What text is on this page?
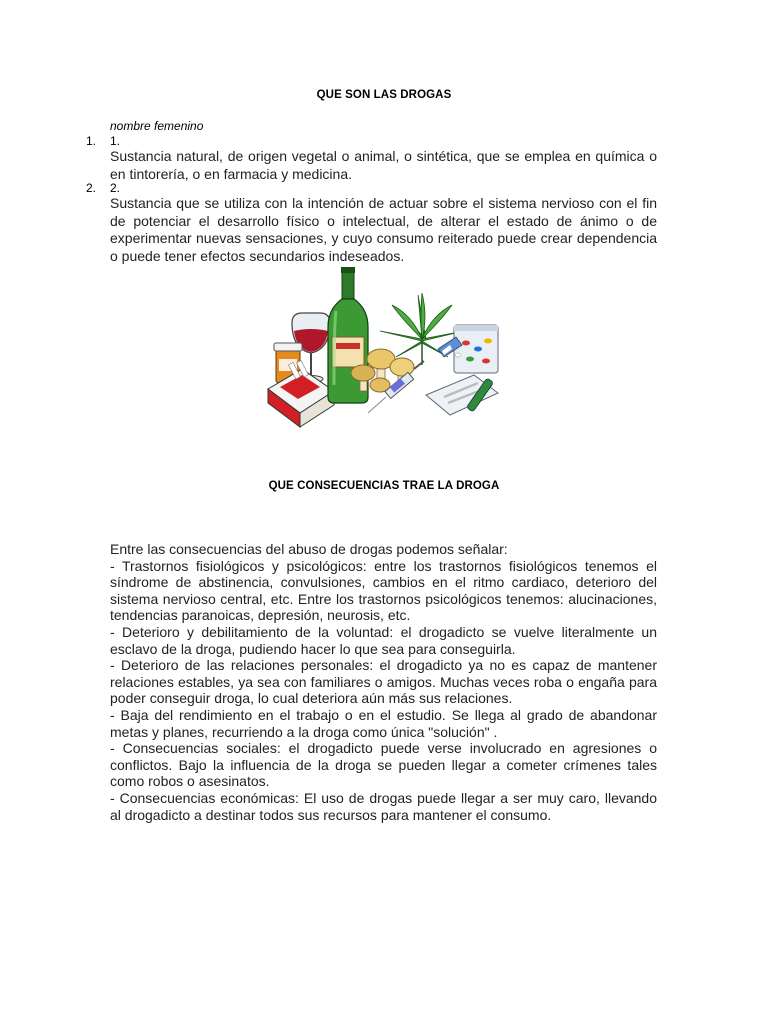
QUE SON LAS DROGAS
nombre femenino
1. 1.
Sustancia natural, de origen vegetal o animal, o sintética, que se emplea en química o en tintorería, o en farmacia y medicina.
2. 2.
Sustancia que se utiliza con la intención de actuar sobre el sistema nervioso con el fin de potenciar el desarrollo físico o intelectual, de alterar el estado de ánimo o de experimentar nuevas sensaciones, y cuyo consumo reiterado puede crear dependencia o puede tener efectos secundarios indeseados.
QUE CONSECUENCIAS TRAE LA DROGA

Entre las consecuencias del abuso de drogas podemos señalar:

- Trastornos fisiológicos y psicológicos: entre los trastornos fisiológicos tenemos el síndrome de abstinencia, convulsiones, cambios en el ritmo cardiaco, deterioro del sistema nervioso central, etc. Entre los trastornos psicológicos tenemos: alucinaciones, tendencias paranoicas, depresión, neurosis, etc.

- Deterioro y debilitamiento de la voluntad: el drogadicto se vuelve literalmente un esclavo de la droga, pudiendo hacer lo que sea para conseguirla.

- Deterioro de las relaciones personales: el drogadicto ya no es capaz de mantener relaciones estables, ya sea con familiares o amigos. Muchas veces roba o engaña para poder conseguir droga, lo cual deteriora aún más sus relaciones.

- Baja del rendimiento en el trabajo o en el estudio. Se llega al grado de abandonar metas y planes, recurriendo a la droga como única "solución" .

- Consecuencias sociales: el drogadicto puede verse involucrado en agresiones o conflictos. Bajo la influencia de la droga se pueden llegar a cometer crímenes tales como robos o asesinatos.

- Consecuencias económicas: El uso de drogas puede llegar a ser muy caro, llevando al drogadicto a destinar todos sus recursos para mantener el consumo.
